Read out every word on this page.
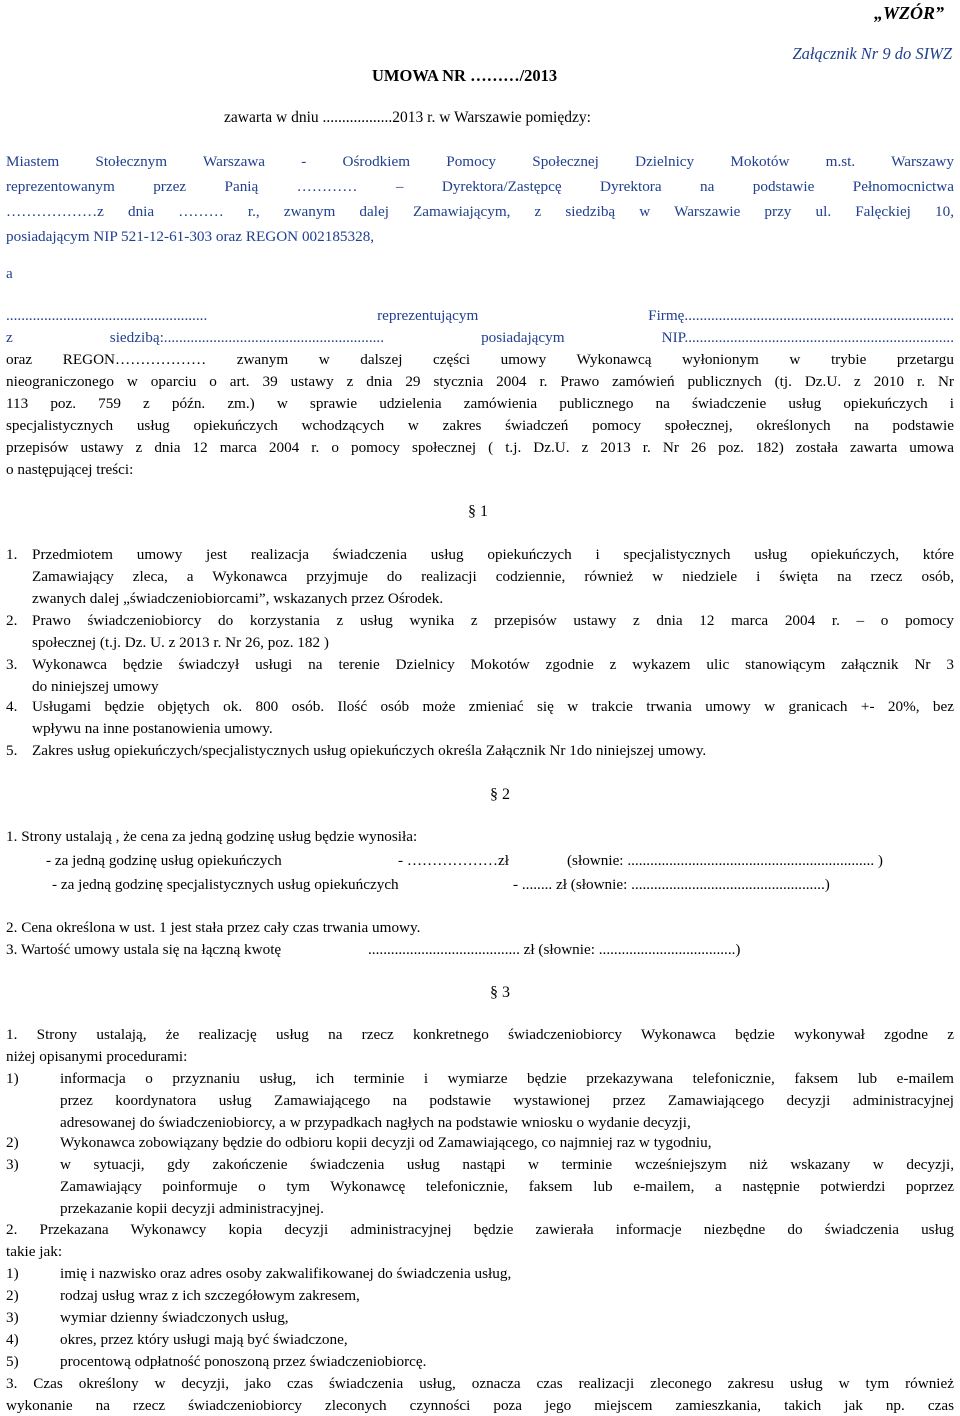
„WZÓR”
Załącznik Nr 9 do SIWZ
UMOWA NR ………/2013
zawarta w dniu ..................2013 r. w Warszawie pomiędzy:
Miastem Stołecznym Warszawa - Ośrodkiem Pomocy Społecznej Dzielnicy Mokotów m.st. Warszawy
reprezentowanym przez Panią ………… – Dyrektora/Zastępcę Dyrektora na podstawie Pełnomocnictwa
………………z dnia ……… r., zwanym dalej Zamawiającym, z siedzibą w Warszawie przy ul. Falęckiej 10,
posiadającym NIP 521-12-61-303 oraz REGON 002185328,
a
..................................................... reprezentującym Firmę.......................................................................
z siedzibą:.......................................................... posiadającym NIP.......................................................................
oraz REGON……………… zwanym w dalszej części umowy Wykonawcą wyłonionym w trybie przetargu
nieograniczonego w oparciu o art. 39 ustawy z dnia 29 stycznia 2004 r. Prawo zamówień publicznych (tj. Dz.U. z 2010 r. Nr
113 poz. 759 z późn. zm.) w sprawie udzielenia zamówienia publicznego na świadczenie usług opiekuńczych i
specjalistycznych usług opiekuńczych wchodzących w zakres świadczeń pomocy społecznej, określonych na podstawie
przepisów ustawy z dnia 12 marca 2004 r. o pomocy społecznej ( t.j. Dz.U. z 2013 r. Nr 26 poz. 182) została zawarta umowa
o następującej treści:
§ 1
1. Przedmiotem umowy jest realizacja świadczenia usług opiekuńczych i specjalistycznych usług opiekuńczych, które
Zamawiający zleca, a Wykonawca przyjmuje do realizacji codziennie, również w niedziele i święta na rzecz osób,
zwanych dalej „świadczeniobiorcami”, wskazanych przez Ośrodek.
2. Prawo świadczeniobiorcy do korzystania z usług wynika z przepisów ustawy z dnia 12 marca 2004 r. – o pomocy
społecznej (t.j. Dz. U. z 2013 r. Nr 26, poz. 182 )
3. Wykonawca będzie świadczył usługi na terenie Dzielnicy Mokotów zgodnie z wykazem ulic stanowiącym załącznik Nr 3
do niniejszej umowy
4. Usługami będzie objętych ok. 800 osób. Ilość osób może zmieniać się w trakcie trwania umowy w granicach +- 20%, bez
wpływu na inne postanowienia umowy.
5. Zakres usług opiekuńczych/specjalistycznych usług opiekuńczych określa Załącznik Nr 1do niniejszej umowy.
§ 2
1. Strony ustalają , że cena za jedną godzinę usług będzie wynosiła:
- za jedną godzinę usług opiekuńczych	- ………………zł	(słownie: ................................................................. )
- za jedną godzinę specjalistycznych usług opiekuńczych	- ........ zł (słownie: ...................................................)
2. Cena określona w ust. 1 jest stała przez cały czas trwania umowy.
3. Wartość umowy ustala się na łączną kwotę	........................................ zł (słownie: ....................................)
§ 3
1. Strony ustalają, że realizację usług na rzecz konkretnego świadczeniobiorcy Wykonawca będzie wykonywał zgodne z
niżej opisanymi procedurami:
1)	informacja o przyznaniu usług, ich terminie i wymiarze będzie przekazywana telefonicznie, faksem lub e-mailem
przez koordynatora usług Zamawiającego na podstawie wystawionej przez Zamawiającego decyzji administracyjnej
adresowanej do świadczeniobiorcy, a w przypadkach nagłych na podstawie wniosku o wydanie decyzji,
2)	Wykonawca zobowiązany będzie do odbioru kopii decyzji od Zamawiającego, co najmniej raz w tygodniu,
3)	w sytuacji, gdy zakończenie świadczenia usług nastąpi w terminie wcześniejszym niż wskazany w decyzji,
Zamawiający poinformuje o tym Wykonawcę telefonicznie, faksem lub e-mailem, a następnie potwierdzi poprzez
przekazanie kopii decyzji administracyjnej.
2. Przekazana Wykonawcy kopia decyzji administracyjnej będzie zawierała informacje niezbędne do świadczenia usług
takie jak:
1)	imię i nazwisko oraz adres osoby zakwalifikowanej do świadczenia usług,
2)	rodzaj usług wraz z ich szczegółowym zakresem,
3)	wymiar dzienny świadczonych usług,
4)	okres, przez który usługi mają być świadczone,
5)	procentową odpłatność ponoszoną przez świadczeniobiorcę.
3. Czas określony w decyzji, jako czas świadczenia usług, oznacza czas realizacji zleconego zakresu usług w tym również
wykonanie na rzecz świadczeniobiorcy zleconych czynności poza jego miejscem zamieszkania, takich jak np. czas
